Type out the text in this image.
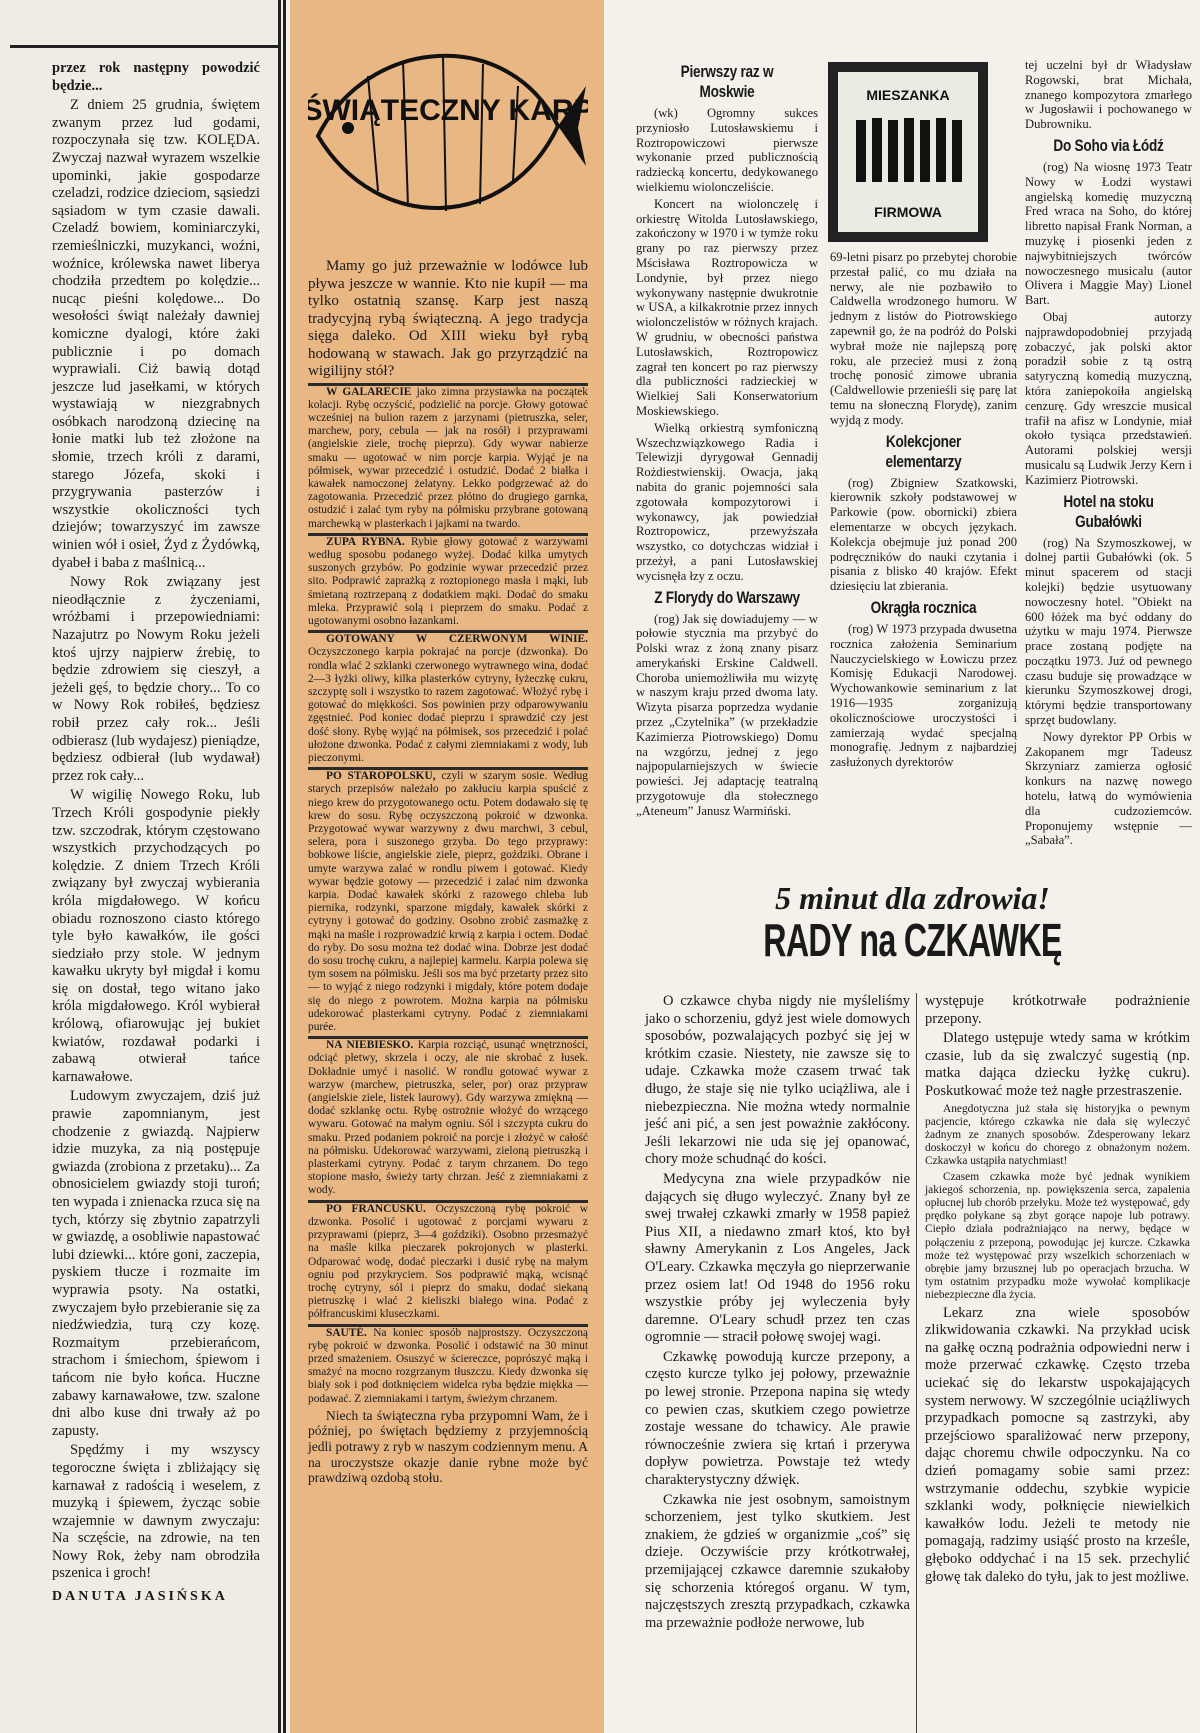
przez rok następny powodzić będzie...

Z dniem 25 grudnia, świętem zwanym przez lud godami, rozpoczynała się tzw. KOLĘDA. Zwyczaj nazwał wyrazem wszelkie upominki, jakie gospodarze czeladzi, rodzice dzieciom, sąsiedzi sąsiadom w tym czasie dawali. Czeladź bowiem, kominiarczyki, rzemieślniczki, muzykanci, woźni, woźnice, królewska nawet liberya chodziła przedtem po kolędzie... nucąc pieśni kolędowe... Do wesołości świąt należały dawniej komiczne dyalogi, które żaki publicznie i po domach wyprawiali. Ciż bawią dotąd jeszcze lud jasełkami, w których wystawiają w niezgrabnych osóbkach narodzoną dziecinę na łonie matki lub też złożone na słomie, trzech króli z darami, starego Józefa, skoki i przygrywania pasterzów i wszystkie okoliczności tych dziejów; towarzyszyć im zawsze winien wół i osieł, Żyd z Żydówką, dyabeł i baba z maślnicą...

Nowy Rok związany jest nieodłącznie z życzeniami, wróżbami i przepowiedniami: Nazajutrz po Nowym Roku jeżeli ktoś ujrzy najpierw źrebię, to będzie zdrowiem się cieszył, a jeżeli gęś, to będzie chory... To co w Nowy Rok robiłeś, będziesz robił przez cały rok... Jeśli odbierasz (lub wydajesz) pieniądze, będziesz odbierał (lub wydawał) przez rok cały...

W wigilię Nowego Roku, lub Trzech Króli gospodynie piekły tzw. szczodrak, którym częstowano wszystkich przychodzących po kolędzie. Z dniem Trzech Króli związany był zwyczaj wybierania króla migdałowego. W końcu obiadu roznoszono ciasto którego tyle było kawałków, ile gości siedziało przy stole. W jednym kawałku ukryty był migdał i komu się on dostał, tego witano jako króla migdałowego. Król wybierał królową, ofiarowując jej bukiet kwiatów, rozdawał podarki i zabawą otwierał tańce karnawałowe.

Ludowym zwyczajem, dziś już prawie zapomnianym, jest chodzenie z gwiazdą. Najpierw idzie muzyka, za nią postępuje gwiazda (zrobiona z przetaku)... Za obnosicielem gwiazdy stoji turoń; ten wypada i znienacka rzuca się na tych, którzy się zbytnio zapatrzyli w gwiazdę, a osobliwie napastować lubi dziewki... które goni, zaczepia, pyskiem tłucze i rozmaite im wyprawia psoty. Na ostatki, zwyczajem było przebieranie się za niedźwiedzia, turą czy kozę. Rozmaitym przebierańcom, strachom i śmiechom, śpiewom i tańcom nie było końca. Huczne zabawy karnawałowe, tzw. szalone dni albo kuse dni trwały aż po zapusty.

Spędźmy i my wszyscy tegoroczne święta i zbliżający się karnawał z radością i weselem, z muzyką i śpiewem, życząc sobie wzajemnie w dawnym zwyczaju: Na sczęście, na zdrowie, na ten Nowy Rok, żeby nam obrodziła pszenica i groch!

DANUTA JASIŃSKA
ŚWIĄTECZNY KARP

Mamy go już przeważnie w lodówce lub pływa jeszcze w wannie. Kto nie kupił — ma tylko ostatnią szansę. Karp jest naszą tradycyjną rybą świąteczną. A jego tradycja sięga daleko. Od XIII wieku był rybą hodowaną w stawach. Jak go przyrządzić na wigilijny stół?

W GALARECIE jako zimna przystawka na początek kolacji. Rybę oczyścić, podzielić na porcje. Głowy gotować wcześniej na bulion razem z jarzynami (pietruszka, seler, marchew, pory, cebula — jak na rosół) i przyprawami (angielskie ziele, trochę pieprzu). Gdy wywar nabierze smaku — ugotować w nim porcje karpia. Wyjąć je na półmisek, wywar przecedzić i ostudzić. Dodać 2 białka i kawałek namoczonej żelatyny. Lekko podgrzewać aż do zagotowania. Przecedzić przez płótno do drugiego garnka, ostudzić i zalać tym ryby na półmisku przybrane gotowaną marchewką w plasterkach i jajkami na twardo.

ZUPA RYBNA. Rybie głowy gotować z warzywami według sposobu podanego wyżej. Dodać kilka umytych suszonych grzybów. Po godzinie wywar przecedzić przez sito. Podprawić zaprażką z roztopionego masła i mąki, lub śmietaną roztrzepaną z dodatkiem mąki. Dodać do smaku mleka. Przyprawić solą i pieprzem do smaku. Podać z ugotowanymi osobno łazankami.

GOTOWANY W CZERWONYM WINIE. Oczyszczonego karpia pokrajać na porcje (dzwonka). Do rondla wlać 2 szklanki czerwonego wytrawnego wina, dodać 2—3 łyżki oliwy, kilka plasterków cytryny, łyżeczkę cukru, szczyptę soli i wszystko to razem zagotować. Włożyć rybę i gotować do miękkości. Sos powinien przy odparowywaniu zgęstnieć. Pod koniec dodać pieprzu i sprawdzić czy jest dość słony. Rybę wyjąć na półmisek, sos przecedzić i polać ułożone dzwonka. Podać z całymi ziemniakami z wody, lub pieczonymi.

PO STAROPOLSKU, czyli w szarym sosie. Według starych przepisów należało po zakłuciu karpia spuścić z niego krew do przygotowanego octu. Potem dodawało się tę krew do sosu. Rybę oczyszczoną pokroić w dzwonka. Przygotować wywar warzywny z dwu marchwi, 3 cebul, selera, pora i suszonego grzyba. Do tego przyprawy: bobkowe liście, angielskie ziele, pieprz, goździki. Obrane i umyte warzywa zalać w rondlu piwem i gotować. Kiedy wywar będzie gotowy — przecedzić i zalać nim dzwonka karpia. Dodać kawałek skórki z razowego chleba lub piernika, rodzynki, sparzone migdały, kawałek skórki z cytryny i gotować do godziny. Osobno zrobić zasmażkę z mąki na maśle i rozprowadzić krwią z karpia i octem. Dodać do ryby. Do sosu można też dodać wina. Dobrze jest dodać do sosu trochę cukru, a najlepiej karmelu. Karpia polewa się tym sosem na półmisku. Jeśli sos ma być przetarty przez sito — to wyjąć z niego rodzynki i migdały, które potem dodaje się do niego z powrotem. Można karpia na półmisku udekorować plasterkami cytryny. Podać z ziemniakami purée.

NA NIEBIESKO. Karpia rozciąć, usunąć wnętrzności, odciąć płetwy, skrzela i oczy, ale nie skrobać z łusek. Dokładnie umyć i nasolić. W rondlu gotować wywar z warzyw (marchew, pietruszka, seler, por) oraz przypraw (angielskie ziele, listek laurowy). Gdy warzywa zmiękną — dodać szklankę octu. Rybę ostrożnie włożyć do wrzącego wywaru. Gotować na małym ogniu. Sól i szczypta cukru do smaku. Przed podaniem pokroić na porcje i złożyć w całość na półmisku. Udekorować warzywami, zieloną pietruszką i plasterkami cytryny. Podać z tarym chrzanem. Do tego stopione masło, świeży tarty chrzan. Jeść z ziemniakami z wody.

PO FRANCUSKU. Oczyszczoną rybę pokroić w dzwonka. Posolić i ugotować z porcjami wywaru z przyprawami (pieprz, 3—4 goździki). Osobno przesmażyć na maśle kilka pieczarek pokrojonych w plasterki. Odparować wodę, dodać pieczarki i dusić rybę na małym ogniu pod przykryciem. Sos podprawić mąką, wcisnąć trochę cytryny, sól i pieprz do smaku, dodać siekaną pietruszkę i wlać 2 kieliszki białego wina. Podać z półfrancuskimi kluseczkami.

SAUTÉ. Na koniec sposób najprostszy. Oczyszczoną rybę pokroić w dzwonka. Posolić i odstawić na 30 minut przed smażeniem. Osuszyć w ściereczce, poprószyć mąką i smażyć na mocno rozgrzanym tłuszczu. Kiedy dzwonka się biały sok i pod dotknięciem widelca ryba będzie miękka — podawać. Z ziemniakami i tartym, świeżym chrzanem.

Niech ta świąteczna ryba przypomni Wam, że i później, po świętach będziemy z przyjemnością jedli potrawy z ryb w naszym codziennym menu. A na uroczystsze okazje danie rybne może być prawdziwą ozdobą stołu.

Pierwszy raz w Moskwie

(wk) Ogromny sukces przyniosło Lutosławskiemu i Roztropowiczowi pierwsze wykonanie przed publicznością radziecką koncertu, dedykowanego wielkiemu wiolonczeliście.

Koncert na wiolonczelę i orkiestrę Witolda Lutosławskiego, zakończony w 1970 i w tymże roku grany po raz pierwszy przez Mścisława Roztropowicza w Londynie, był przez niego wykonywany następnie dwukrotnie w USA, a kilkakrotnie przez innych wiolonczelistów w różnych krajach. W grudniu, w obecności państwa Lutosławskich, Roztropowicz zagrał ten koncert po raz pierwszy dla publiczności radzieckiej w Wielkiej Sali Konserwatorium Moskiewskiego.

Wielką orkiestrą symfoniczną Wszechzwiązkowego Radia i Telewizji dyrygował Gennadij Rożdiestwienskij. Owacja, jaką nabita do granic pojemności sala zgotowała kompozytorowi i wykonawcy, jak powiedział Roztropowicz, przewyższała wszystko, co dotychczas widział i przeżył, a pani Lutosławskiej wycisnęła łzy z oczu.

Z Florydy do Warszawy

(rog) Jak się dowiadujemy — w połowie stycznia ma przybyć do Polski wraz z żoną znany pisarz amerykański Erskine Caldwell. Choroba uniemożliwiła mu wizytę w naszym kraju przed dwoma laty. Wizyta pisarza poprzedza wydanie przez „Czytelnika” (w przekładzie Kazimierza Piotrowskiego) Domu na wzgórzu, jednej z jego najpopularniejszych w świecie powieści. Jej adaptację teatralną przygotowuje dla stołecznego „Ateneum” Janusz Warmiński.

MIESZANKA
FIRMOWA

69-letni pisarz po przebytej chorobie przestał palić, co mu działa na nerwy, ale nie pozbawiło to Caldwella wrodzonego humoru. W jednym z listów do Piotrowskiego zapewnił go, że na podróż do Polski wybrał może nie najlepszą porę roku, ale przecież musi z żoną trochę ponosić zimowe ubrania (Caldwellowie przenieśli się parę lat temu na słoneczną Florydę), zanim wyjdą z mody.

Kolekcjoner elementarzy

(rog) Zbigniew Szatkowski, kierownik szkoły podstawowej w Parkowie (pow. obornicki) zbiera elementarze w obcych językach. Kolekcja obejmuje już ponad 200 podręczników do nauki czytania i pisania z blisko 40 krajów. Efekt dziesięciu lat zbierania.

Okrągła rocznica

(rog) W 1973 przypada dwusetna rocznica założenia Seminarium Nauczycielskiego w Łowiczu przez Komisję Edukacji Narodowej. Wychowankowie seminarium z lat 1916—1935 zorganizują okolicznościowe uroczystości i zamierzają wydać specjalną monografię. Jednym z najbardziej zasłużonych dyrektorów

tej uczelni był dr Władysław Rogowski, brat Michała, znanego kompozytora zmarłego w Jugosławii i pochowanego w Dubrowniku.

Do Soho via Łódź

(rog) Na wiosnę 1973 Teatr Nowy w Łodzi wystawi angielską komedię muzyczną Fred wraca na Soho, do której libretto napisał Frank Norman, a muzykę i piosenki jeden z najwybitniejszych twórców nowoczesnego musicalu (autor Olivera i Maggie May) Lionel Bart.

Obaj autorzy najprawdopodobniej przyjadą zobaczyć, jak polski aktor poradził sobie z tą ostrą satyryczną komedią muzyczną, która zaniepokoiła angielską cenzurę. Gdy wreszcie musical trafił na afisz w Londynie, miał około tysiąca przedstawień. Autorami polskiej wersji musicalu są Ludwik Jerzy Kern i Kazimierz Piotrowski.

Hotel na stoku Gubałówki

(rog) Na Szymoszkowej, w dolnej partii Gubałówki (ok. 5 minut spacerem od stacji kolejki) będzie usytuowany nowoczesny hotel. "Obiekt na 600 łóżek ma być oddany do użytku w maju 1974. Pierwsze prace zostaną podjęte na początku 1973. Już od pewnego czasu buduje się prowadzące w kierunku Szymoszkowej drogi, którymi będzie transportowany sprzęt budowlany.

Nowy dyrektor PP Orbis w Zakopanem mgr Tadeusz Skrzyniarz zamierza ogłosić konkurs na nazwę nowego hotelu, łatwą do wymówienia dla cudzoziemców. Proponujemy wstępnie — „Sabała”.

5 minut dla zdrowia!
RADY na CZKAWKĘ

O czkawce chyba nigdy nie myśleliśmy jako o schorzeniu, gdyż jest wiele domowych sposobów, pozwalających pozbyć się jej w krótkim czasie. Niestety, nie zawsze się to udaje. Czkawka może czasem trwać tak długo, że staje się nie tylko uciążliwa, ale i niebezpieczna. Nie można wtedy normalnie jeść ani pić, a sen jest poważnie zakłócony. Jeśli lekarzowi nie uda się jej opanować, chory może schudnąć do kości.

Medycyna zna wiele przypadków nie dających się długo wyleczyć. Znany był ze swej trwałej czkawki zmarły w 1958 papież Pius XII, a niedawno zmarł ktoś, kto był sławny Amerykanin z Los Angeles, Jack O'Leary. Czkawka męczyła go nieprzerwanie przez osiem lat! Od 1948 do 1956 roku wszystkie próby jej wyleczenia były daremne. O'Leary schudł przez ten czas ogromnie — stracił połowę swojej wagi.

Czkawkę powodują kurcze przepony, a często kurcze tylko jej połowy, przeważnie po lewej stronie. Przepona napina się wtedy co pewien czas, skutkiem czego powietrze zostaje wessane do tchawicy. Ale prawie równocześnie zwiera się krtań i przerywa dopływ powietrza. Powstaje też wtedy charakterystyczny dźwięk.

Czkawka nie jest osobnym, samoistnym schorzeniem, jest tylko skutkiem. Jest znakiem, że gdzieś w organizmie „coś” się dzieje. Oczywiście przy krótkotrwałej, przemijającej czkawce daremnie szukałoby się schorzenia któregoś organu. W tym, najczęstszych zresztą przypadkach, czkawka ma przeważnie podłoże nerwowe, lub

występuje krótkotrwałe podrażnienie przepony.

Dlatego ustępuje wtedy sama w krótkim czasie, lub da się zwalczyć sugestią (np. matka dająca dziecku łyżkę cukru). Poskutkować może też nagłe przestraszenie.

Anegdotyczna już stała się historyjka o pewnym pacjencie, którego czkawka nie dała się wyleczyć żadnym ze znanych sposobów. Zdesperowany lekarz doskoczył w końcu do chorego z obnażonym nożem. Czkawka ustąpiła natychmiast!

Czasem czkawka może być jednak wynikiem jakiegoś schorzenia, np. powiększenia serca, zapalenia opłucnej lub chorób przełyku. Może też występować, gdy prędko połykane są zbyt gorące napoje lub potrawy. Ciepło działa podrażniająco na nerwy, będące w połączeniu z przeponą, powodując jej kurcze. Czkawka może też występować przy wszelkich schorzeniach w obrębie jamy brzusznej lub po operacjach brzucha. W tym ostatnim przypadku może wywołać komplikacje niebezpieczne dla życia.

Lekarz zna wiele sposobów zlikwidowania czkawki. Na przykład ucisk na gałkę oczną podrażnia odpowiedni nerw i może przerwać czkawkę. Często trzeba uciekać się do lekarstw uspokajających system nerwowy. W szczególnie uciążliwych przypadkach pomocne są zastrzyki, aby przejściowo sparaliżować nerw przepony, dając choremu chwile odpoczynku. Na co dzień pomagamy sobie sami przez: wstrzymanie oddechu, szybkie wypicie szklanki wody, połknięcie niewielkich kawałków lodu. Jeżeli te metody nie pomagają, radzimy usiąść prosto na krześle, głęboko oddychać i na 15 sek. przechylić głowę tak daleko do tyłu, jak to jest możliwe.
